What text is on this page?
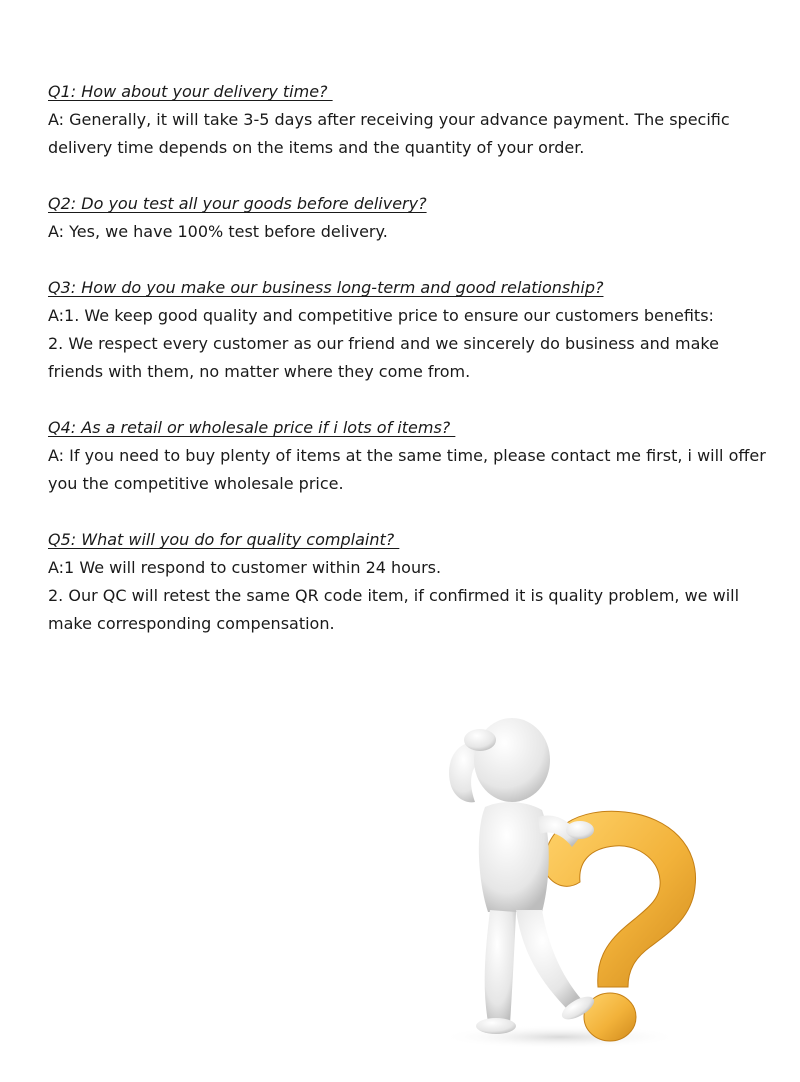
Q1: How about your delivery time?

A: Generally, it will take 3-5 days after receiving your advance payment. The specific delivery time depends on the items and the quantity of your order.

Q2: Do you test all your goods before delivery?

A: Yes, we have 100% test before delivery.

Q3: How do you make our business long-term and good relationship?

A:1. We keep good quality and competitive price to ensure our customers benefits:

2. We respect every customer as our friend and we sincerely do business and make friends with them, no matter where they come from.

Q4: As a retail or wholesale price if i lots of items?

A: If you need to buy plenty of items at the same time, please contact me first, i will offer you the competitive wholesale price.

Q5: What will you do for quality complaint?

A:1 We will respond to customer within 24 hours.

2. Our QC will retest the same QR code item, if confirmed it is quality problem, we will make corresponding compensation.
